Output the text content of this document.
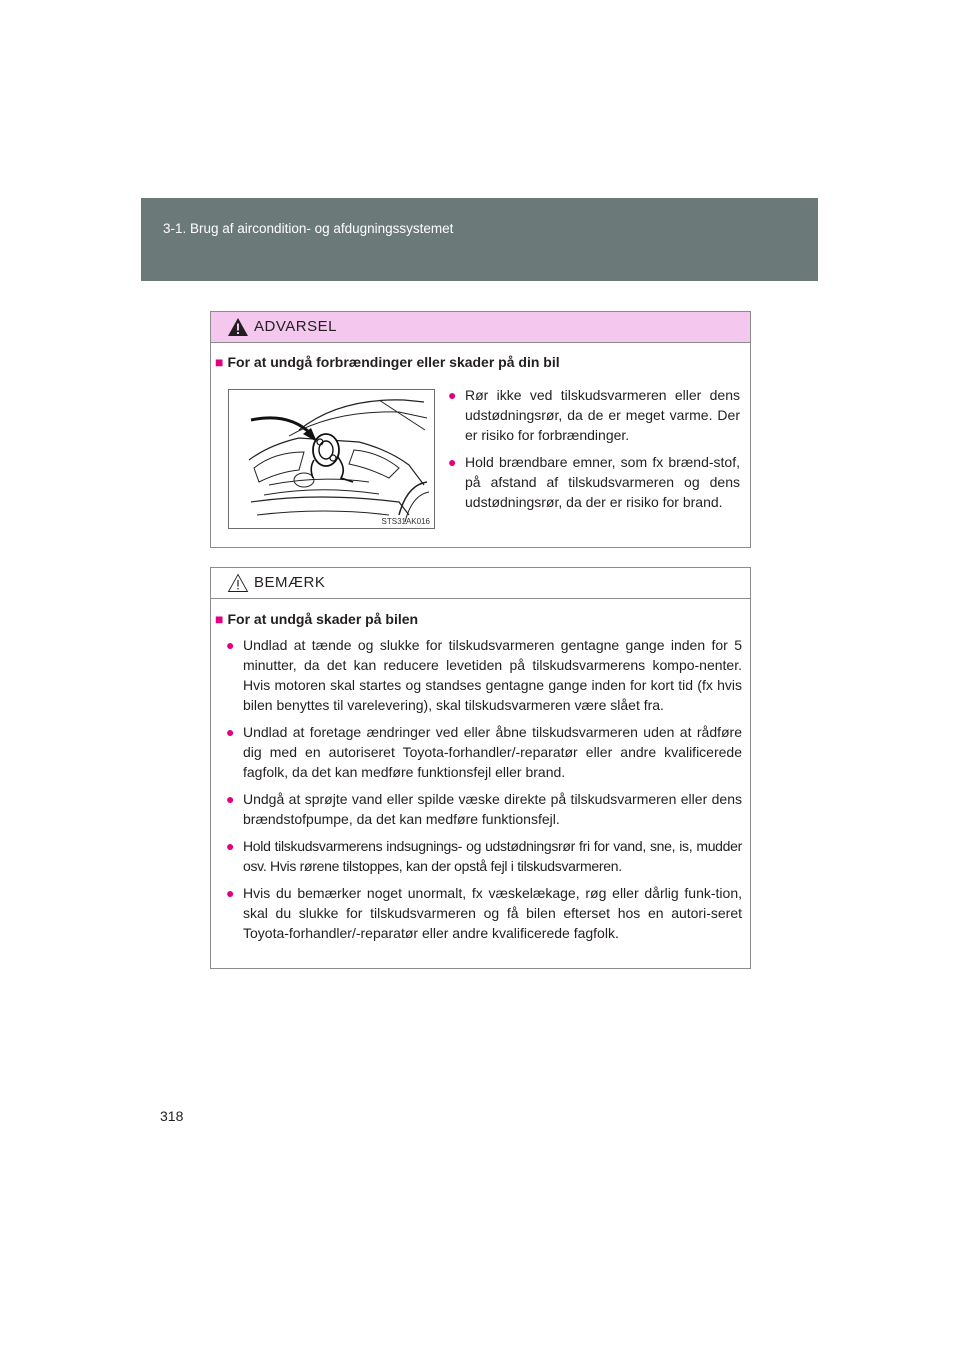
3-1. Brug af aircondition- og afdugningssystemet
ADVARSEL
■ For at undgå forbrændinger eller skader på din bil
STS31AK016
● Rør ikke ved tilskudsvarmeren eller dens udstødningsrør, da de er meget varme. Der er risiko for forbrændinger.
● Hold brændbare emner, som fx brænd-stof, på afstand af tilskudsvarmeren og dens udstødningsrør, da der er risiko for brand.
BEMÆRK
■ For at undgå skader på bilen
● Undlad at tænde og slukke for tilskudsvarmeren gentagne gange inden for 5 minutter, da det kan reducere levetiden på tilskudsvarmerens kompo-nenter. Hvis motoren skal startes og standses gentagne gange inden for kort tid (fx hvis bilen benyttes til varelevering), skal tilskudsvarmeren være slået fra.
● Undlad at foretage ændringer ved eller åbne tilskudsvarmeren uden at rådføre dig med en autoriseret Toyota-forhandler/-reparatør eller andre kvalificerede fagfolk, da det kan medføre funktionsfejl eller brand.
● Undgå at sprøjte vand eller spilde væske direkte på tilskudsvarmeren eller dens brændstofpumpe, da det kan medføre funktionsfejl.
● Hold tilskudsvarmerens indsugnings- og udstødningsrør fri for vand, sne, is, mudder osv. Hvis rørene tilstoppes, kan der opstå fejl i tilskudsvarmeren.
● Hvis du bemærker noget unormalt, fx væskelækage, røg eller dårlig funk-tion, skal du slukke for tilskudsvarmeren og få bilen efterset hos en autori-seret Toyota-forhandler/-reparatør eller andre kvalificerede fagfolk.
318
